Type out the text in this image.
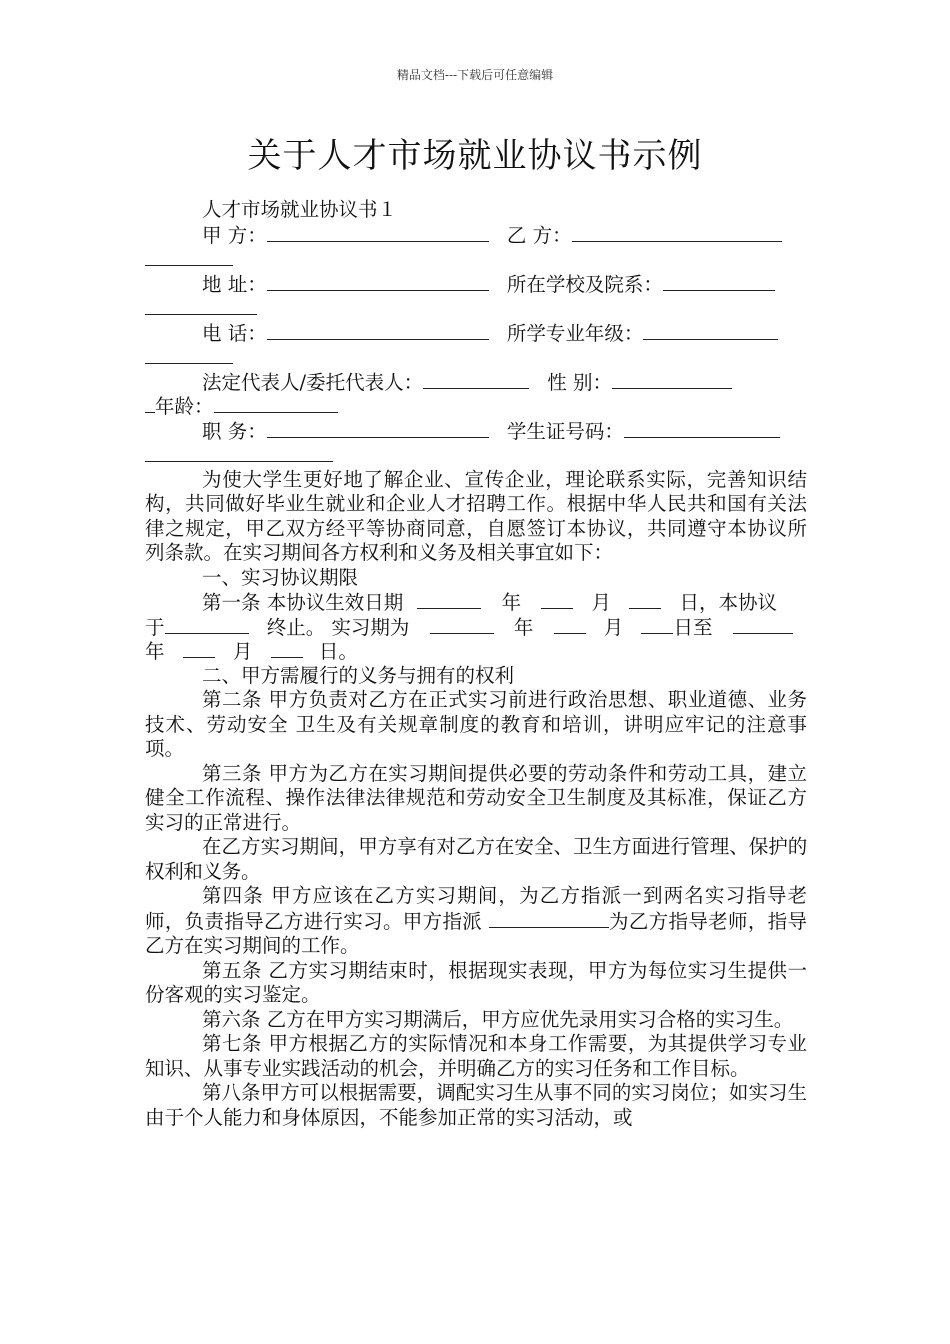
精品文档---下载后可任意编辑
关于人才市场就业协议书示例
人才市场就业协议书１
甲 方：	乙 方：
地 址：	所在学校及院系：
电 话：	所学专业年级：
法定代表人/委托代表人：	性 别：
年龄：
职 务：	学生证号码：
为使大学生更好地了解企业、宣传企业，理论联系实际，完善知识结构，共同做好毕业生就业和企业人才招聘工作。根据中华人民共和国有关法律之规定，甲乙双方经平等协商同意，自愿签订本协议，共同遵守本协议所列条款。在实习期间各方权利和义务及相关事宜如下：
一、实习协议期限
第一条 本协议生效日期	年	月	日，本协议
于	终止。 实习期为	年	月	日至
年	月	日。
二、甲方需履行的义务与拥有的权利
第二条 甲方负责对乙方在正式实习前进行政治思想、职业道德、业务技术、劳动安全 卫生及有关规章制度的教育和培训，讲明应牢记的注意事项。
第三条 甲方为乙方在实习期间提供必要的劳动条件和劳动工具，建立健全工作流程、操作法律法律规范和劳动安全卫生制度及其标准，保证乙方实习的正常进行。
在乙方实习期间，甲方享有对乙方在安全、卫生方面进行管理、保护的权利和义务。
第四条 甲方应该在乙方实习期间，为乙方指派一到两名实习指导老师，负责指导乙方进行实习。甲方指派	为乙方指导老师，指导乙方在实习期间的工作。
第五条 乙方实习期结束时，根据现实表现，甲方为每位实习生提供一份客观的实习鉴定。
第六条 乙方在甲方实习期满后，甲方应优先录用实习合格的实习生。
第七条 甲方根据乙方的实际情况和本身工作需要，为其提供学习专业知识、从事专业实践活动的机会，并明确乙方的实习任务和工作目标。
第八条甲方可以根据需要，调配实习生从事不同的实习岗位；如实习生由于个人能力和身体原因，不能参加正常的实习活动，或
